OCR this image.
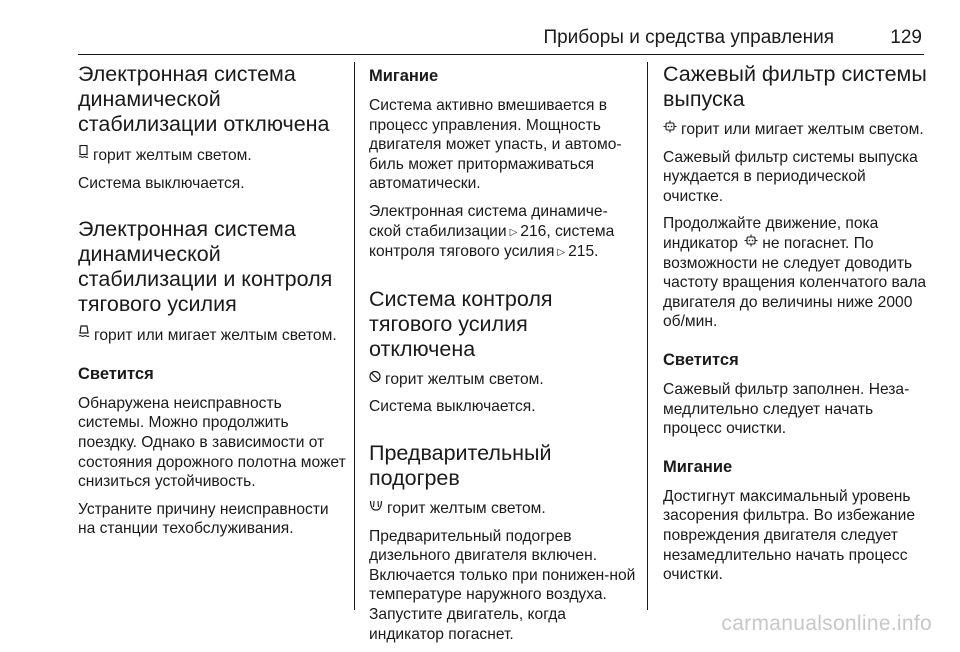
Приборы и средства управления	129
Электронная система динамической стабилизации отключена

горит желтым светом.

Система выключается.

Электронная система динамической стабилизации и контроля тягового усилия

горит или мигает желтым светом.

Светится

Обнаружена неисправность системы. Можно продолжить поездку. Однако в зависимости от состояния дорожного полотна может снизиться устойчивость.

Устраните причину неисправности на станции техобслуживания.

Мигание

Система активно вмешивается в процесс управления. Мощность двигателя может упасть, и автомо-биль может притормаживаться автоматически.

Электронная система динамиче-ской стабилизации ▷ 216, система контроля тягового усилия ▷ 215.

Система контроля тягового усилия отключена

горит желтым светом.

Система выключается.

Предварительный подогрев

горит желтым светом.

Предварительный подогрев дизельного двигателя включен. Включается только при понижен-ной температуре наружного воздуха. Запустите двигатель, когда индикатор погаснет.

Сажевый фильтр системы выпуска

горит или мигает желтым светом.

Сажевый фильтр системы выпуска нуждается в периодической очистке.

Продолжайте движение, пока индикатор не погаснет. По возможности не следует доводить частоту вращения коленчатого вала двигателя до величины ниже 2000 об/мин.

Светится

Сажевый фильтр заполнен. Неза-медлительно следует начать процесс очистки.

Мигание

Достигнут максимальный уровень засорения фильтра. Во избежание повреждения двигателя следует незамедлительно начать процесс очистки.

carmanualsonline.info
